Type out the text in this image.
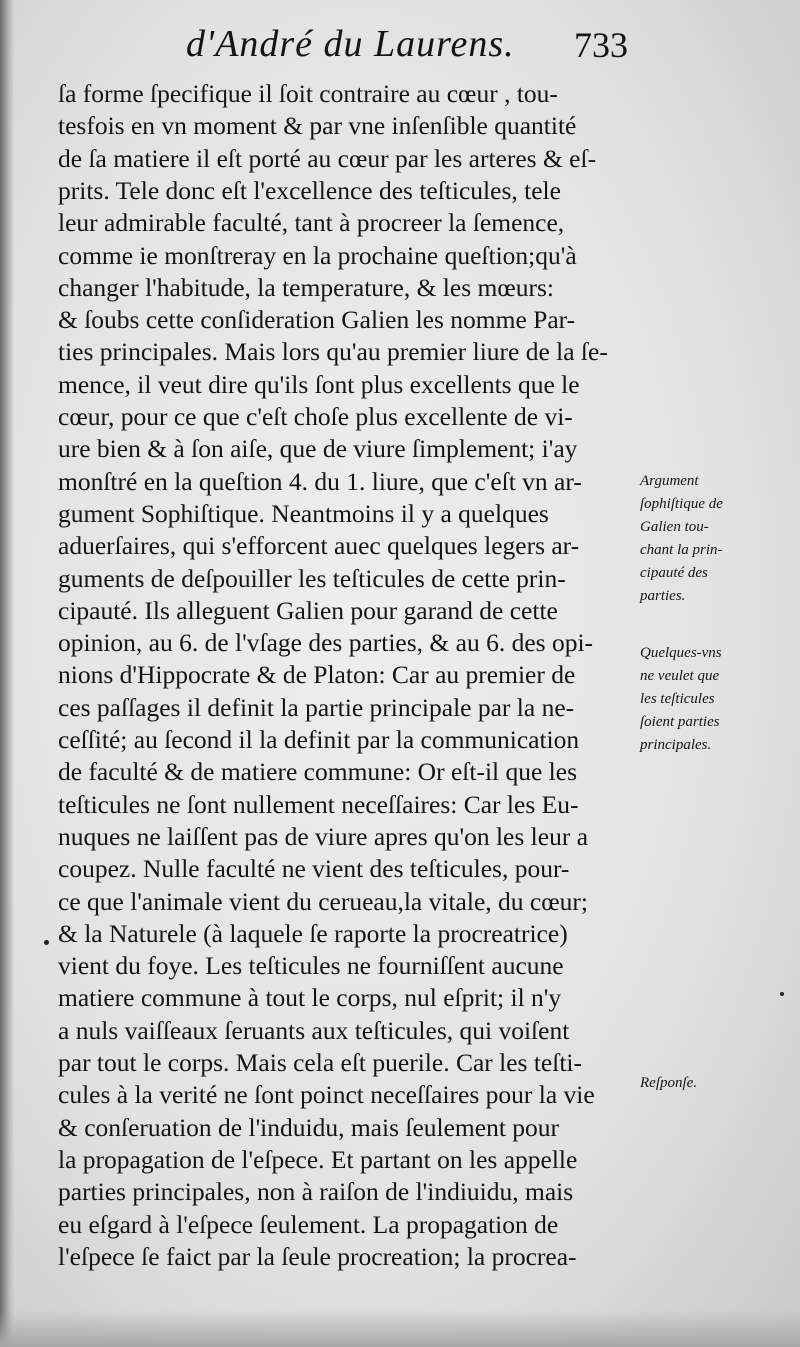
d'André du Laurens. 733
ſa forme ſpecifique il ſoit contraire au cœur , tou-
tesfois en vn moment & par vne inſenſible quantité
de ſa matiere il eſt porté au cœur par les arteres & eſ-
prits. Tele donc eſt l'excellence des teſticules, tele
leur admirable faculté, tant à procreer la ſemence,
comme ie monſtreray en la prochaine queſtion;qu'à
changer l'habitude, la temperature, & les mœurs:
& ſoubs cette conſideration Galien les nomme Par-
ties principales. Mais lors qu'au premier liure de la ſe-
mence, il veut dire qu'ils ſont plus excellents que le
cœur, pour ce que c'eſt choſe plus excellente de vi-
ure bien & à ſon aiſe, que de viure ſimplement; i'ay
monſtré en la queſtion 4. du 1. liure, que c'eſt vn ar-
gument Sophiſtique. Neantmoins il y a quelques
aduerſaires, qui s'efforcent auec quelques legers ar-
guments de deſpouiller les teſticules de cette prin-
cipauté. Ils alleguent Galien pour garand de cette
opinion, au 6. de l'vſage des parties, & au 6. des opi-
nions d'Hippocrate & de Platon: Car au premier de
ces paſſages il definit la partie principale par la ne-
ceſſité; au ſecond il la definit par la communication
de faculté & de matiere commune: Or eſt-il que les
teſticules ne ſont nullement neceſſaires: Car les Eu-
nuques ne laiſſent pas de viure apres qu'on les leur a
coupez. Nulle faculté ne vient des teſticules, pour-
ce que l'animale vient du cerueau,la vitale, du cœur;
& la Naturele (à laquele ſe raporte la procreatrice)
vient du foye. Les teſticules ne fourniſſent aucune
matiere commune à tout le corps, nul eſprit; il n'y
a nuls vaiſſeaux ſeruants aux teſticules, qui voiſent
par tout le corps. Mais cela eſt puerile. Car les teſti-
cules à la verité ne ſont poinct neceſſaires pour la vie
& conſeruation de l'induidu, mais ſeulement pour
la propagation de l'eſpece. Et partant on les appelle
parties principales, non à raiſon de l'indiuidu, mais
eu eſgard à l'eſpece ſeulement. La propagation de
l'eſpece ſe faict par la ſeule procreation; la procrea-
Argument
ſophiſtique de
Galien tou-
chant la prin-
cipauté des
parties.
Quelques-vns
ne veulet que
les teſticules
ſoient parties
principales.
Reſponſe.
